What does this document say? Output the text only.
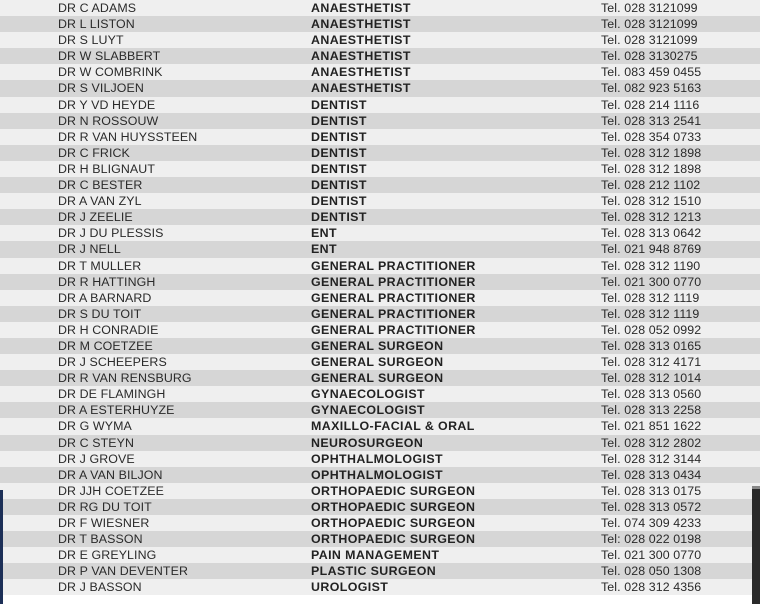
DR C ADAMS	ANAESTHETIST	Tel. 028 3121099
DR L LISTON	ANAESTHETIST	Tel. 028 3121099
DR S LUYT	ANAESTHETIST	Tel. 028 3121099
DR W SLABBERT	ANAESTHETIST	Tel. 028 3130275
DR W COMBRINK	ANAESTHETIST	Tel. 083 459 0455
DR S VILJOEN	ANAESTHETIST	Tel. 082 923 5163
DR Y VD HEYDE	DENTIST	Tel. 028 214 1116
DR N ROSSOUW	DENTIST	Tel. 028 313 2541
DR R VAN HUYSSTEEN	DENTIST	Tel. 028 354 0733
DR C FRICK	DENTIST	Tel. 028 312 1898
DR H BLIGNAUT	DENTIST	Tel. 028 312 1898
DR C BESTER	DENTIST	Tel. 028 212 1102
DR A VAN ZYL	DENTIST	Tel. 028 312 1510
DR J ZEELIE	DENTIST	Tel. 028 312 1213
DR J DU PLESSIS	ENT	Tel. 028 313 0642
DR J NELL	ENT	Tel. 021 948 8769
DR T MULLER	GENERAL PRACTITIONER	Tel. 028 312 1190
DR R HATTINGH	GENERAL PRACTITIONER	Tel. 021 300 0770
DR A BARNARD	GENERAL PRACTITIONER	Tel. 028 312 1119
DR S DU TOIT	GENERAL PRACTITIONER	Tel. 028 312 1119
DR H CONRADIE	GENERAL PRACTITIONER	Tel. 028 052 0992
DR M COETZEE	GENERAL SURGEON	Tel. 028 313 0165
DR J SCHEEPERS	GENERAL SURGEON	Tel. 028 312 4171
DR R VAN RENSBURG	GENERAL SURGEON	Tel. 028 312 1014
DR DE FLAMINGH	GYNAECOLOGIST	Tel. 028 313 0560
DR A ESTERHUYZE	GYNAECOLOGIST	Tel. 028 313 2258
DR G WYMA	MAXILLO-FACIAL & ORAL	Tel. 021 851 1622
DR C STEYN	NEUROSURGEON	Tel. 028 312 2802
DR J GROVE	OPHTHALMOLOGIST	Tel. 028 312 3144
DR A VAN BILJON	OPHTHALMOLOGIST	Tel. 028 313 0434
DR JJH COETZEE	ORTHOPAEDIC SURGEON	Tel. 028 313 0175
DR RG DU TOIT	ORTHOPAEDIC SURGEON	Tel. 028 313 0572
DR F WIESNER	ORTHOPAEDIC SURGEON	Tel. 074 309 4233
DR T BASSON	ORTHOPAEDIC SURGEON	Tel: 028 022 0198
DR E GREYLING	PAIN MANAGEMENT	Tel. 021 300 0770
DR P VAN DEVENTER	PLASTIC SURGEON	Tel. 028 050 1308
DR J BASSON	UROLOGIST	Tel. 028 312 4356
